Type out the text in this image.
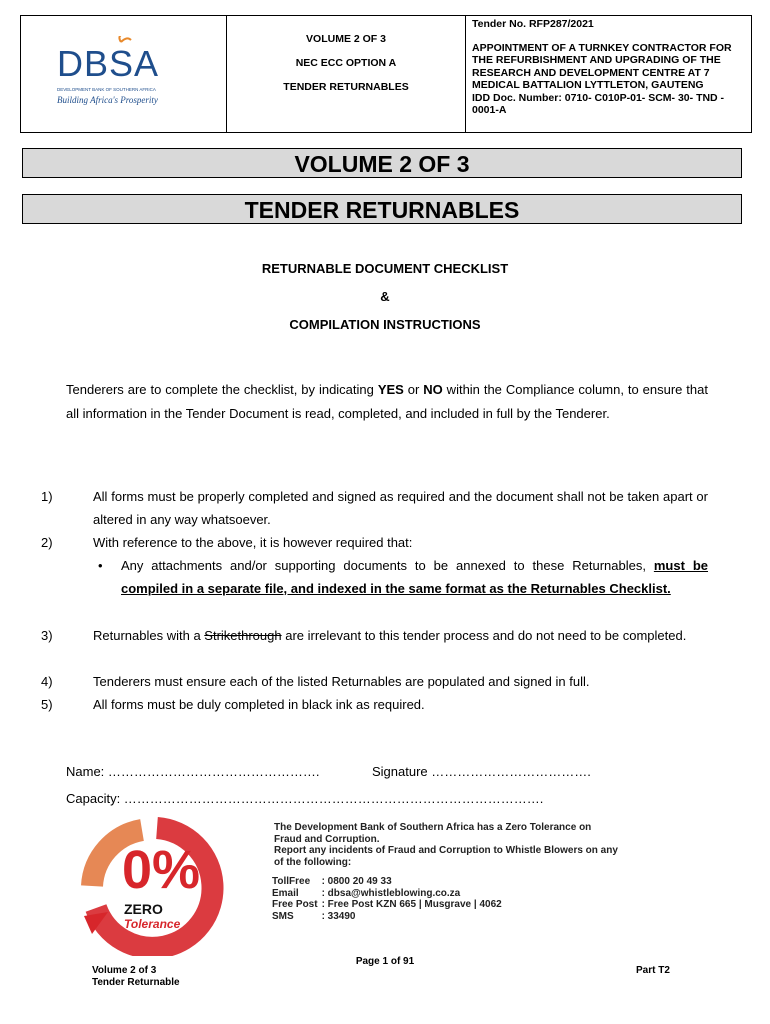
DBSA
DEVELOPMENT BANK OF SOUTHERN AFRICA
Building Africa's Prosperity
VOLUME 2 OF 3
NEC ECC OPTION A
TENDER RETURNABLES
Tender No. RFP287/2021
APPOINTMENT OF A TURNKEY CONTRACTOR FOR
THE REFURBISHMENT AND UPGRADING OF THE
RESEARCH AND DEVELOPMENT CENTRE AT 7
MEDICAL BATTALION LYTTLETON, GAUTENG
IDD Doc. Number: 0710- C010P-01- SCM- 30- TND -
0001-A
VOLUME 2 OF 3
TENDER RETURNABLES
RETURNABLE DOCUMENT CHECKLIST
&
COMPILATION INSTRUCTIONS
Tenderers are to complete the checklist, by indicating YES or NO within the Compliance column, to ensure that all information in the Tender Document is read, completed, and included in full by the Tenderer.
1)	All forms must be properly completed and signed as required and the document shall not be taken apart or altered in any way whatsoever.
2)	With reference to the above, it is however required that:
• Any attachments and/or supporting documents to be annexed to these Returnables, must be compiled in a separate file, and indexed in the same format as the Returnables Checklist.
3)	Returnables with a Strikethrough are irrelevant to this tender process and do not need to be completed.
4)	Tenderers must ensure each of the listed Returnables are populated and signed in full.
5)	All forms must be duly completed in black ink as required.
Name: ………………………………………….	Signature ……………………………….
Capacity: …………………………………………………………………………………….
0%
ZERO
Tolerance
The Development Bank of Southern Africa has a Zero Tolerance on
Fraud and Corruption.
Report any incidents of Fraud and Corruption to Whistle Blowers on any
of the following:
TollFree	: 0800 20 49 33
Email	: dbsa@whistleblowing.co.za
Free Post	: Free Post KZN 665 | Musgrave | 4062
SMS	: 33490
Page 1 of 91
Volume 2 of 3
Tender Returnable
Part T2
